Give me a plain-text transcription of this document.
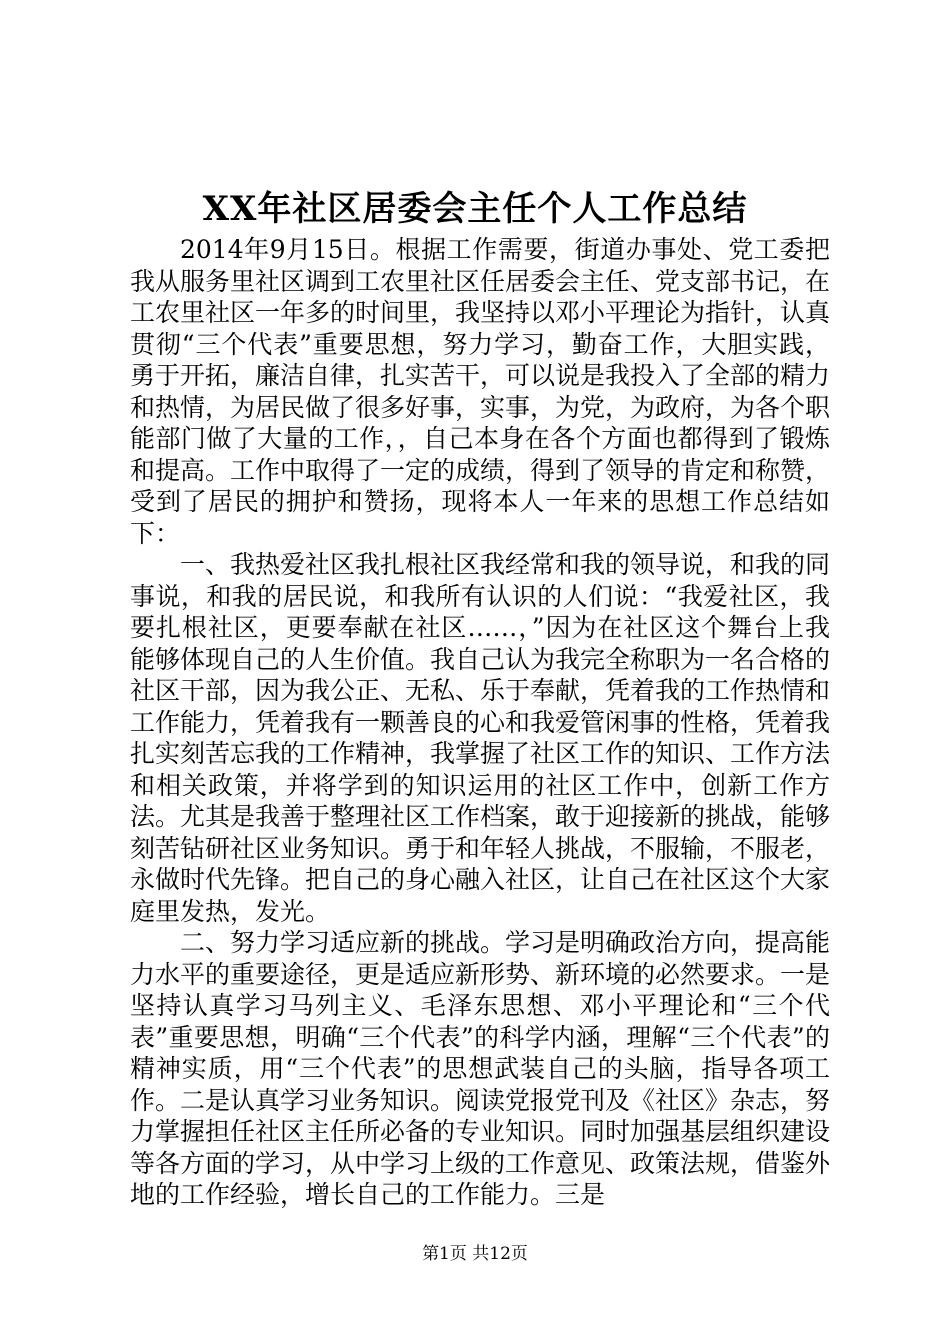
XX年社区居委会主任个人工作总结

2014年9月15日。根据工作需要，街道办事处、党工委把我从服务里社区调到工农里社区任居委会主任、党支部书记，在工农里社区一年多的时间里，我坚持以邓小平理论为指针，认真贯彻“三个代表”重要思想，努力学习，勤奋工作，大胆实践，勇于开拓，廉洁自律，扎实苦干，可以说是我投入了全部的精力和热情，为居民做了很多好事，实事，为党，为政府，为各个职能部门做了大量的工作，，自己本身在各个方面也都得到了锻炼和提高。工作中取得了一定的成绩，得到了领导的肯定和称赞，受到了居民的拥护和赞扬，现将本人一年来的思想工作总结如下：

一、我热爱社区我扎根社区我经常和我的领导说，和我的同事说，和我的居民说，和我所有认识的人们说：“我爱社区，我要扎根社区，更要奉献在社区……，”因为在社区这个舞台上我能够体现自己的人生价值。我自己认为我完全称职为一名合格的社区干部，因为我公正、无私、乐于奉献，凭着我的工作热情和工作能力，凭着我有一颗善良的心和我爱管闲事的性格，凭着我扎实刻苦忘我的工作精神，我掌握了社区工作的知识、工作方法和相关政策，并将学到的知识运用的社区工作中，创新工作方法。尤其是我善于整理社区工作档案，敢于迎接新的挑战，能够刻苦钻研社区业务知识。勇于和年轻人挑战，不服输，不服老，永做时代先锋。把自己的身心融入社区，让自己在社区这个大家庭里发热，发光。

二、努力学习适应新的挑战。学习是明确政治方向，提高能力水平的重要途径，更是适应新形势、新环境的必然要求。一是坚持认真学习马列主义、毛泽东思想、邓小平理论和“三个代表”重要思想，明确“三个代表”的科学内涵，理解“三个代表”的精神实质，用“三个代表”的思想武装自己的头脑，指导各项工作。二是认真学习业务知识。阅读党报党刊及《社区》杂志，努力掌握担任社区主任所必备的专业知识。同时加强基层组织建设等各方面的学习，从中学习上级的工作意见、政策法规，借鉴外地的工作经验，增长自己的工作能力。三是

第1页 共12页
